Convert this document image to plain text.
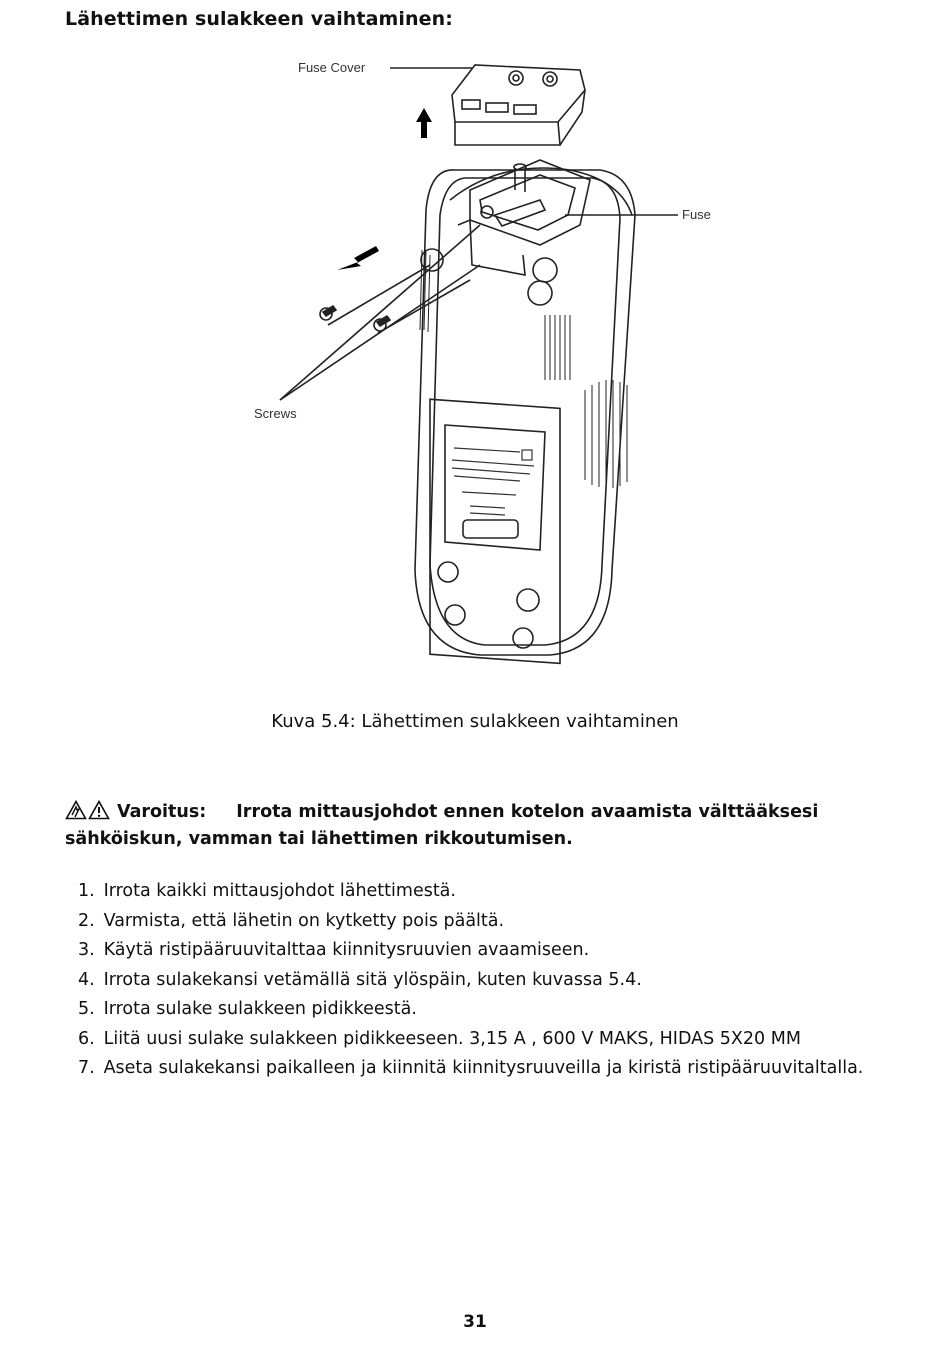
Lähettimen sulakkeen vaihtaminen:
Fuse Cover
Fuse
Screws
Kuva 5.4: Lähettimen sulakkeen vaihtaminen
Varoitus: Irrota mittausjohdot ennen kotelon avaamista välttääksesi sähköiskun, vamman tai lähettimen rikkoutumisen.
1. Irrota kaikki mittausjohdot lähettimestä.
2. Varmista, että lähetin on kytketty pois päältä.
3. Käytä ristipääruuvitalttaa kiinnitysruuvien avaamiseen.
4. Irrota sulakekansi vetämällä sitä ylöspäin, kuten kuvassa 5.4.
5. Irrota sulake sulakkeen pidikkeestä.
6. Liitä uusi sulake sulakkeen pidikkeeseen. 3,15 A , 600 V MAKS, HIDAS 5X20 MM
7. Aseta sulakekansi paikalleen ja kiinnitä kiinnitysruuveilla ja kiristä ristipääruuvitaltalla.
31
